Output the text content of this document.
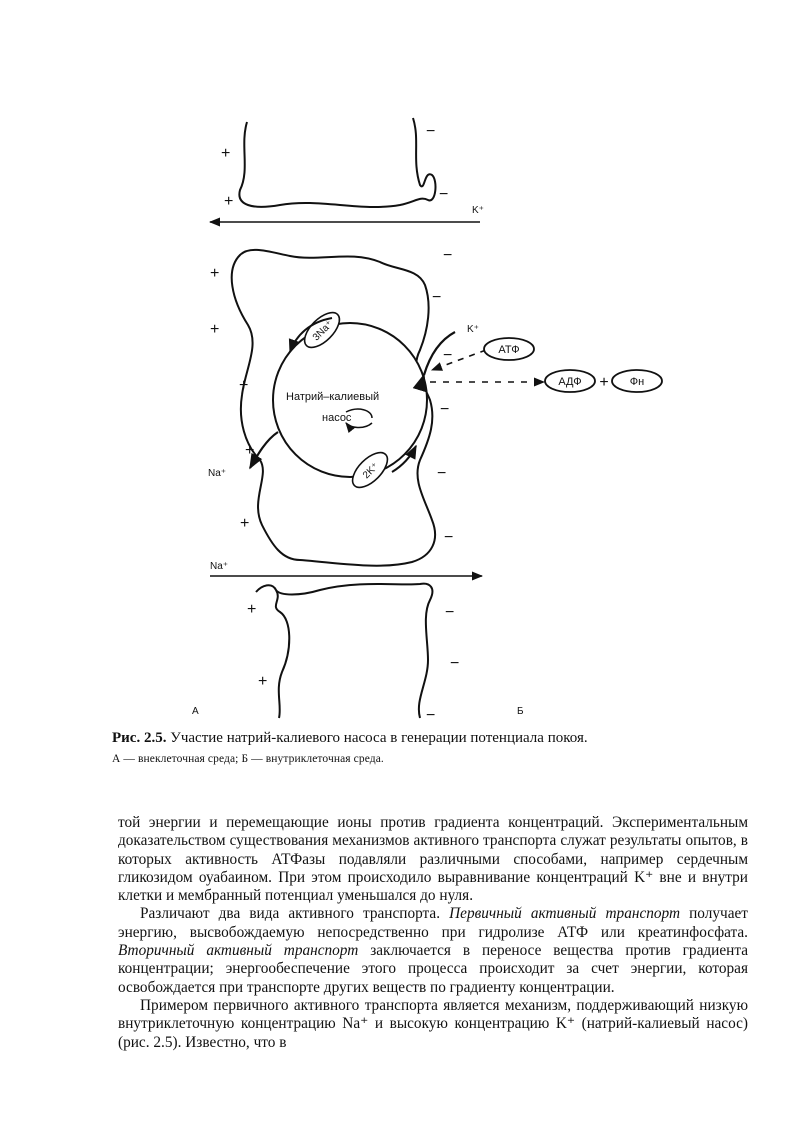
3Na⁺
2K⁺
Натрий–калиевый
насос
АТФ
АДФ + Фн
K⁺
K⁺
Na⁺
Na⁺
А	Б
+
+
+
+
+
+
+
+
+
−
−
−
−
−
−
−
−
−
−
−

Рис. 2.5. Участие натрий-калиевого насоса в генерации потенциала покоя.

А — внеклеточная среда; Б — внутриклеточная среда.

той энергии и перемещающие ионы против градиента концентраций. Экспериментальным доказательством существования механизмов активного транспорта служат результаты опытов, в которых активность АТФазы подавляли различными способами, например сердечным гликозидом оуабаином. При этом происходило выравнивание концентраций K⁺ вне и внутри клетки и мембранный потенциал уменьшался до нуля.

Различают два вида активного транспорта. Первичный активный транспорт получает энергию, высвобождаемую непосредственно при гидролизе АТФ или креатинфосфата. Вторичный активный транспорт заключается в переносе вещества против градиента концентрации; энергообеспечение этого процесса происходит за счет энергии, которая освобождается при транспорте других веществ по градиенту концентрации.

Примером первичного активного транспорта является механизм, поддерживающий низкую внутриклеточную концентрацию Na⁺ и высокую концентрацию K⁺ (натрий-калиевый насос) (рис. 2.5). Известно, что в
